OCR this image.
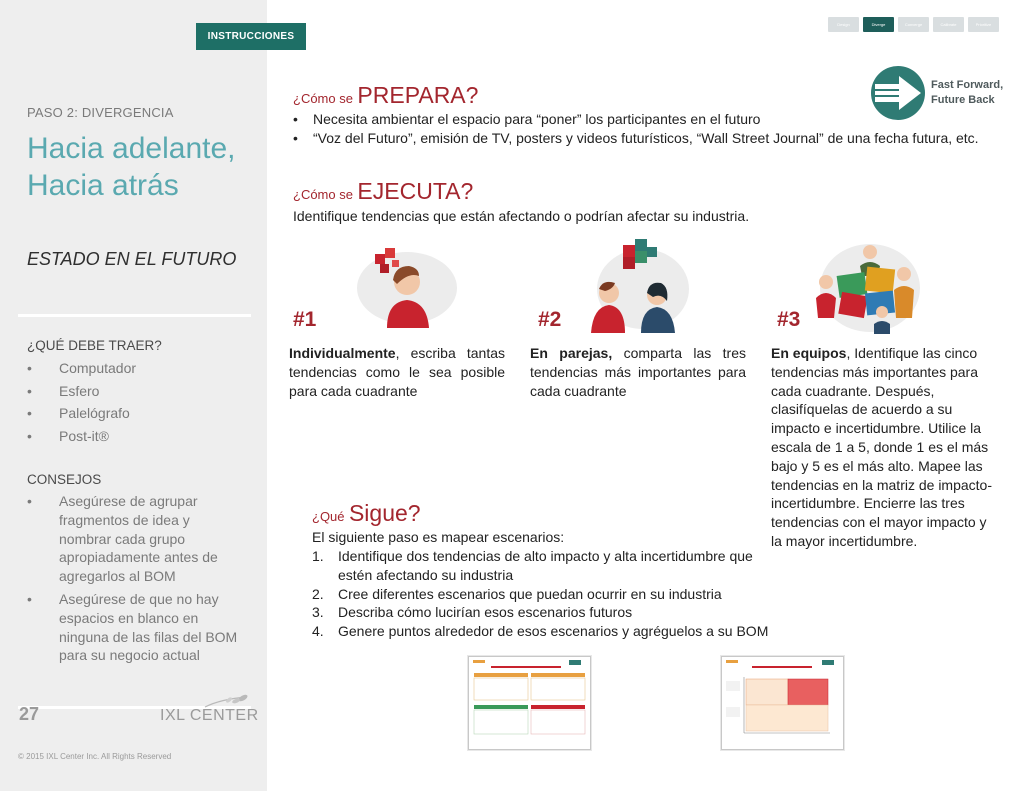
PASO 2: DIVERGENCIA
Hacia adelante,
Hacia atrás
ESTADO EN EL FUTURO
¿QUÉ DEBE TRAER?
• Computador
• Esfero
• Palelógrafo
• Post-it®
CONSEJOS
• Asegúrese de agrupar fragmentos de idea y nombrar cada grupo apropiadamente antes de agregarlos al BOM
• Asegúrese de que no hay espacios en blanco en ninguna de las filas del BOM para su negocio actual
27	IXL CENTER
© 2015 IXL Center Inc. All Rights Reserved
INSTRUCCIONES
Design	Diverge	Converge	Calibrate	Prioritize
Fast Forward,
Future Back
¿Cómo se PREPARA?
• Necesita ambientar el espacio para “poner” los participantes en el futuro
• “Voz del Futuro”, emisión de TV, posters y videos futurísticos, “Wall Street Journal” de una fecha futura, etc.
¿Cómo se EJECUTA?
Identifique tendencias que están afectando o podrían afectar su industria.
#1	#2	#3
Individualmente, escriba tantas tendencias como le sea posible para cada cuadrante
En parejas, comparta las tres tendencias más importantes para cada cuadrante
En equipos, Identifique las cinco tendencias más importantes para cada cuadrante. Después, clasifíquelas de acuerdo a su impacto e incertidumbre. Utilice la escala de 1 a 5, donde 1 es el más bajo y 5 es el más alto. Mapee las tendencias en la matriz de impacto-incertidumbre. Encierre las tres tendencias con el mayor impacto y la mayor incertidumbre.
¿Qué Sigue?
El siguiente paso es mapear escenarios:
1. Identifique dos tendencias de alto impacto y alta incertidumbre que estén afectando su industria
2. Cree diferentes escenarios que puedan ocurrir en su industria
3. Describa cómo lucirían esos escenarios futuros
4. Genere puntos alrededor de esos escenarios y agréguelos a su BOM
